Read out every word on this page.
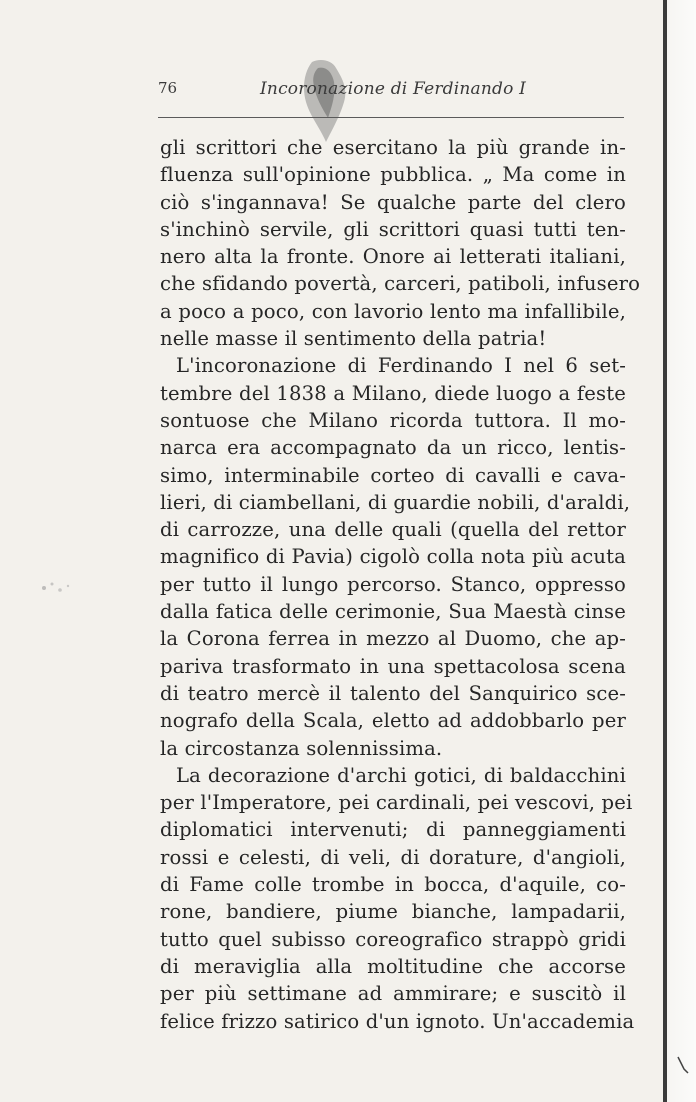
76	Incoronazione di Ferdinando I
gli scrittori che esercitano la più grande in-
fluenza sull'opinione pubblica. „ Ma come in
ciò s'ingannava! Se qualche parte del clero
s'inchinò servile, gli scrittori quasi tutti ten-
nero alta la fronte. Onore ai letterati italiani,
che sfidando povertà, carceri, patiboli, infusero
a poco a poco, con lavorio lento ma infallibile,
nelle masse il sentimento della patria!
L'incoronazione di Ferdinando I nel 6 set-
tembre del 1838 a Milano, diede luogo a feste
sontuose che Milano ricorda tuttora. Il mo-
narca era accompagnato da un ricco, lentis-
simo, interminabile corteo di cavalli e cava-
lieri, di ciambellani, di guardie nobili, d'araldi,
di carrozze, una delle quali (quella del rettor
magnifico di Pavia) cigolò colla nota più acuta
per tutto il lungo percorso. Stanco, oppresso
dalla fatica delle cerimonie, Sua Maestà cinse
la Corona ferrea in mezzo al Duomo, che ap-
pariva trasformato in una spettacolosa scena
di teatro mercè il talento del Sanquirico sce-
nografo della Scala, eletto ad addobbarlo per
la circostanza solennissima.
La decorazione d'archi gotici, di baldacchini
per l'Imperatore, pei cardinali, pei vescovi, pei
diplomatici intervenuti; di panneggiamenti
rossi e celesti, di veli, di dorature, d'angioli,
di Fame colle trombe in bocca, d'aquile, co-
rone, bandiere, piume bianche, lampadarii,
tutto quel subisso coreografico strappò gridi
di meraviglia alla moltitudine che accorse
per più settimane ad ammirarе; e suscitò il
felice frizzo satirico d'un ignoto. Un'accademia
